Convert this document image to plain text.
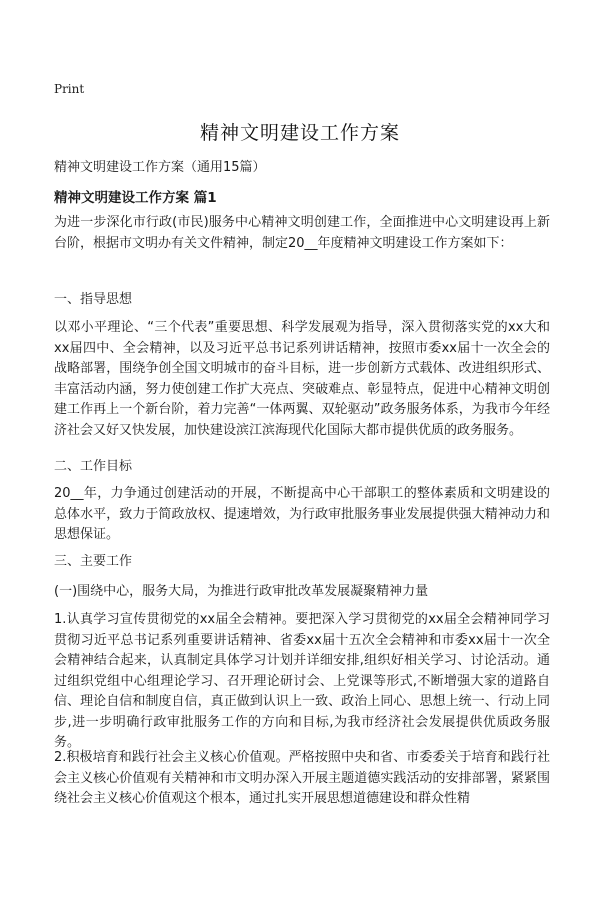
Print
精神文明建设工作方案
精神文明建设工作方案（通用15篇）
精神文明建设工作方案 篇1
为进一步深化市行政(市民)服务中心精神文明创建工作，全面推进中心文明建设再上新台阶，根据市文明办有关文件精神，制定20__年度精神文明建设工作方案如下：
一、指导思想
以邓小平理论、“三个代表”重要思想、科学发展观为指导，深入贯彻落实党的xx大和xx届四中、全会精神，以及习近平总书记系列讲话精神，按照市委xx届十一次全会的战略部署，围绕争创全国文明城市的奋斗目标，进一步创新方式载体、改进组织形式、丰富活动内涵，努力使创建工作扩大亮点、突破难点、彰显特点，促进中心精神文明创建工作再上一个新台阶，着力完善“一体两翼、双轮驱动”政务服务体系，为我市今年经济社会又好又快发展，加快建设滨江滨海现代化国际大都市提供优质的政务服务。
二、工作目标
20__年，力争通过创建活动的开展，不断提高中心干部职工的整体素质和文明建设的总体水平，致力于简政放权、提速增效，为行政审批服务事业发展提供强大精神动力和思想保证。
三、主要工作
(一)围绕中心，服务大局，为推进行政审批改革发展凝聚精神力量
1.认真学习宣传贯彻党的xx届全会精神。要把深入学习贯彻党的xx届全会精神同学习贯彻习近平总书记系列重要讲话精神、省委xx届十五次全会精神和市委xx届十一次全会精神结合起来，认真制定具体学习计划并详细安排,组织好相关学习、讨论活动。通过组织党组中心组理论学习、召开理论研讨会、上党课等形式,不断增强大家的道路自信、理论自信和制度自信，真正做到认识上一致、政治上同心、思想上统一、行动上同步,进一步明确行政审批服务工作的方向和目标,为我市经济社会发展提供优质政务服务。
2.积极培育和践行社会主义核心价值观。严格按照中央和省、市委委关于培育和践行社会主义核心价值观有关精神和市文明办深入开展主题道德实践活动的安排部署，紧紧围绕社会主义核心价值观这个根本，通过扎实开展思想道德建设和群众性精
